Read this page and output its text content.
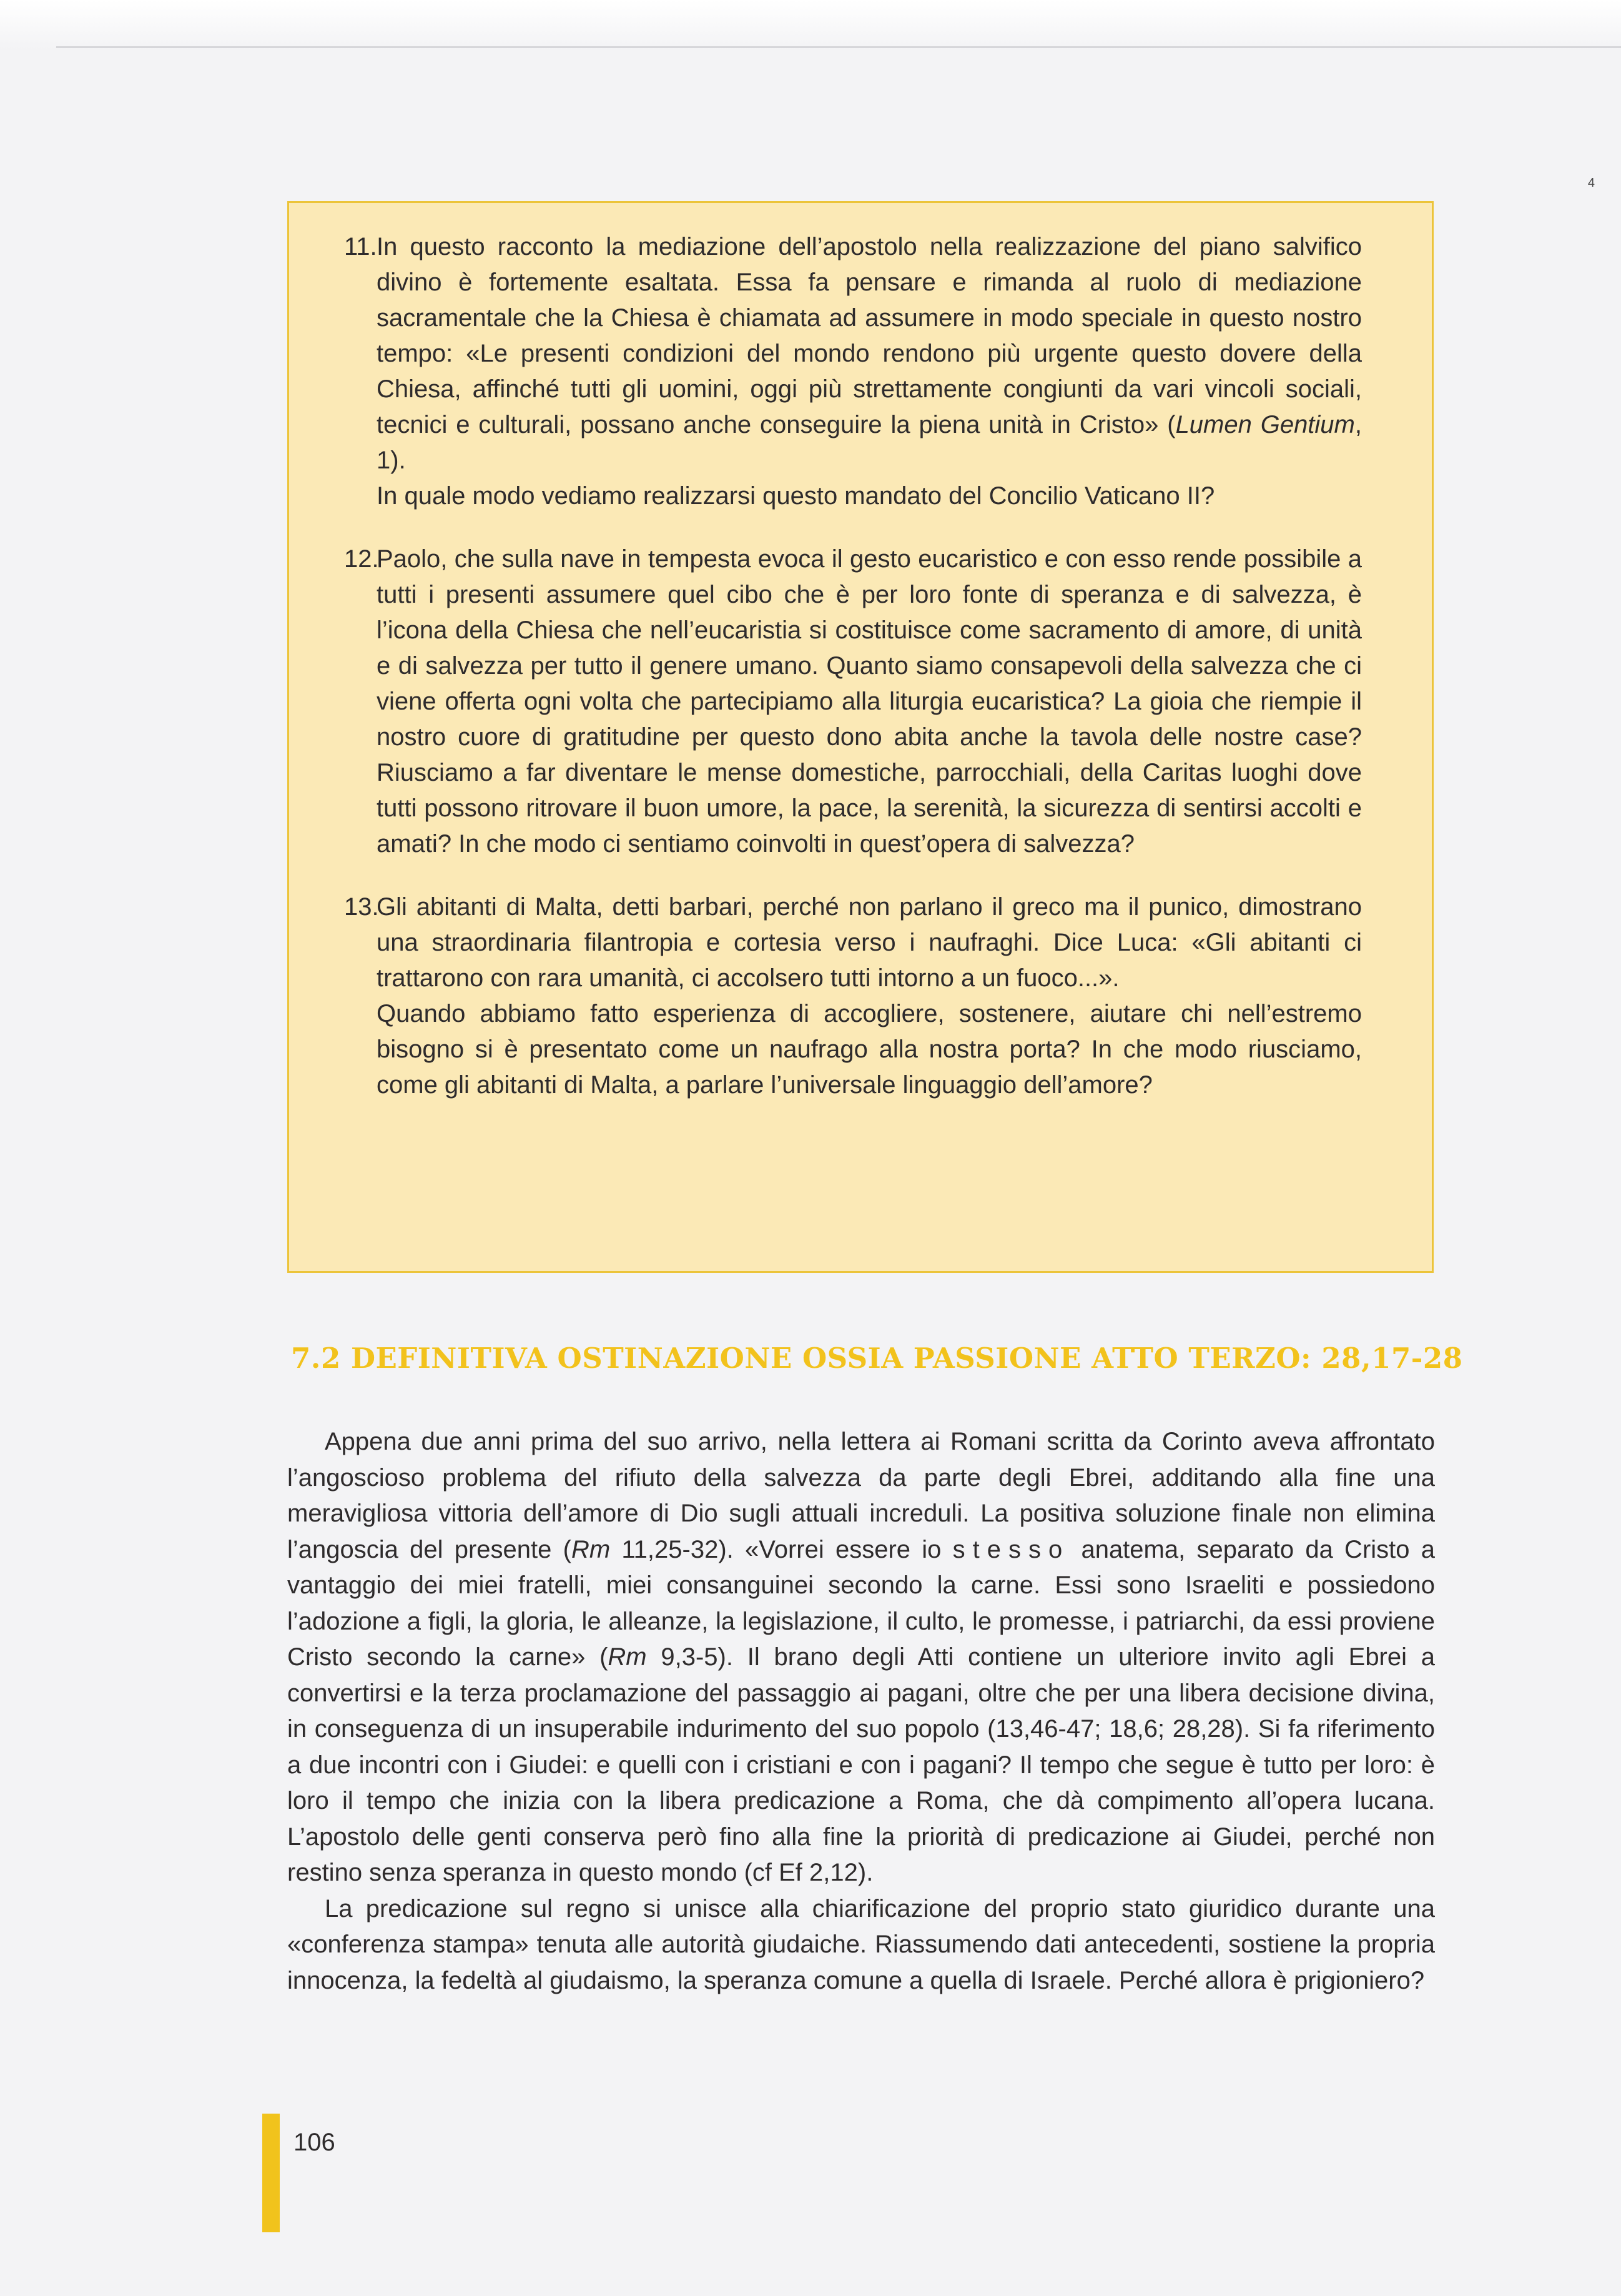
4
11. In questo racconto la mediazione dell’apostolo nella realizzazione del piano salvifico divino è fortemente esaltata. Essa fa pensare e rimanda al ruolo di mediazione sacramentale che la Chiesa è chiamata ad assumere in modo speciale in questo nostro tempo: «Le presenti condizioni del mondo rendono più urgente questo dovere della Chiesa, affinché tutti gli uomini, oggi più strettamente congiunti da vari vincoli sociali, tecnici e culturali, possano anche conseguire la piena unità in Cristo» (Lumen Gentium, 1).

In quale modo vediamo realizzarsi questo mandato del Concilio Vaticano II?

12.

Paolo, che sulla nave in tempesta evoca il gesto eucaristico e con esso rende possibile a tutti i presenti assumere quel cibo che è per loro fonte di speranza e di salvezza, è l’icona della Chiesa che nell’eucaristia si costituisce come sacramento di amore, di unità e di salvezza per tutto il genere umano. Quanto siamo consapevoli della salvezza che ci viene offerta ogni volta che partecipiamo alla liturgia eucaristica? La gioia che riempie il nostro cuore di gratitudine per questo dono abita anche la tavola delle nostre case? Riusciamo a far diventare le mense domestiche, parrocchiali, della Caritas luoghi dove tutti possono ritrovare il buon umore, la pace, la serenità, la sicurezza di sentirsi accolti e amati? In che modo ci sentiamo coinvolti in quest’opera di salvezza?

13.

Gli abitanti di Malta, detti barbari, perché non parlano il greco ma il punico, dimostrano una straordinaria filantropia e cortesia verso i naufraghi. Dice Luca: «Gli abitanti ci trattarono con rara umanità, ci accolsero tutti intorno a un fuoco...».

Quando abbiamo fatto esperienza di accogliere, sostenere, aiutare chi nell’estremo bisogno si è presentato come un naufrago alla nostra porta? In che modo riusciamo, come gli abitanti di Malta, a parlare l’universale linguaggio dell’amore?

7.2 DEFINITIVA OSTINAZIONE OSSIA PASSIONE ATTO TERZO: 28,17-28

Appena due anni prima del suo arrivo, nella lettera ai Romani scritta da Corinto aveva affrontato l’angoscioso problema del rifiuto della salvezza da parte degli Ebrei, additando alla fine una meravigliosa vittoria dell’amore di Dio sugli attuali increduli. La positiva soluzione finale non elimina l’angoscia del presente (Rm 11,25-32). «Vorrei essere io stesso anatema, separato da Cristo a vantaggio dei miei fratelli, miei consanguinei secondo la carne. Essi sono Israeliti e possiedono l’adozione a figli, la gloria, le alleanze, la legislazione, il culto, le promesse, i patriarchi, da essi proviene Cristo secondo la carne» (Rm 9,3-5). Il brano degli Atti contiene un ulteriore invito agli Ebrei a convertirsi e la terza proclamazione del passaggio ai pagani, oltre che per una libera decisione divina, in conseguenza di un insuperabile indurimento del suo popolo (13,46-47; 18,6; 28,28). Si fa riferimento a due incontri con i Giudei: e quelli con i cristiani e con i pagani? Il tempo che segue è tutto per loro: è loro il tempo che inizia con la libera predicazione a Roma, che dà compimento all’opera lucana. L’apostolo delle genti conserva però fino alla fine la priorità di predicazione ai Giudei, perché non restino senza speranza in questo mondo (cf Ef 2,12).

La predicazione sul regno si unisce alla chiarificazione del proprio stato giuridico durante una «conferenza stampa» tenuta alle autorità giudaiche. Riassumendo dati antecedenti, sostiene la propria innocenza, la fedeltà al giudaismo, la speranza comune a quella di Israele. Perché allora è prigioniero?

106
